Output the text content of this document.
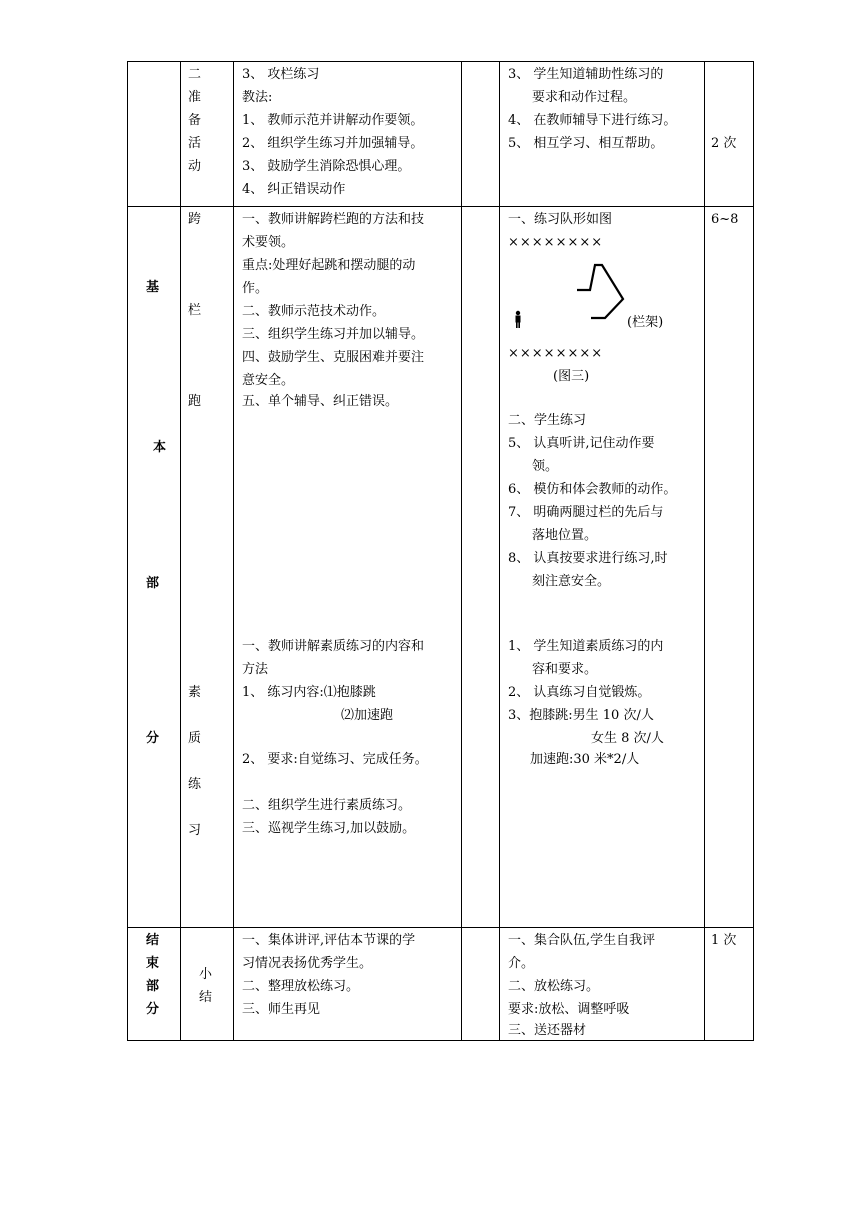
二
准
备
活
动
3、 攻栏练习
教法:
1、 教师示范并讲解动作要领。
2、 组织学生练习并加强辅导。
3、 鼓励学生消除恐惧心理。
4、 纠正错误动作
3、 学生知道辅助性练习的
要求和动作过程。
4、 在教师辅导下进行练习。
5、 相互学习、相互帮助。	2 次
基
本
部
分
跨
栏
跑
一、教师讲解跨栏跑的方法和技
术要领。
重点:处理好起跳和摆动腿的动
作。
二、教师示范技术动作。
三、组织学生练习并加以辅导。
四、鼓励学生、克服困难并要注
意安全。
五、单个辅导、纠正错误。
一、练习队形如图
××××××××
(栏架)
××××××××
(图三)
二、学生练习
5、 认真听讲,记住动作要
领。
6、 模仿和体会教师的动作。
7、 明确两腿过栏的先后与
落地位置。
8、 认真按要求进行练习,时
刻注意安全。
6~8
素
质
练
习
一、教师讲解素质练习的内容和
方法
1、 练习内容:⑴抱膝跳
⑵加速跑
2、 要求:自觉练习、完成任务。
二、组织学生进行素质练习。
三、巡视学生练习,加以鼓励。
1、 学生知道素质练习的内
容和要求。
2、 认真练习自觉锻炼。
3、抱膝跳:男生 10 次/人
女生 8 次/人
加速跑:30 米*2/人
结
束
部
分
小
结
一、集体讲评,评估本节课的学
习情况表扬优秀学生。
二、整理放松练习。
三、师生再见
一、集合队伍,学生自我评
介。
二、放松练习。
要求:放松、调整呼吸
三、送还器材
1 次
